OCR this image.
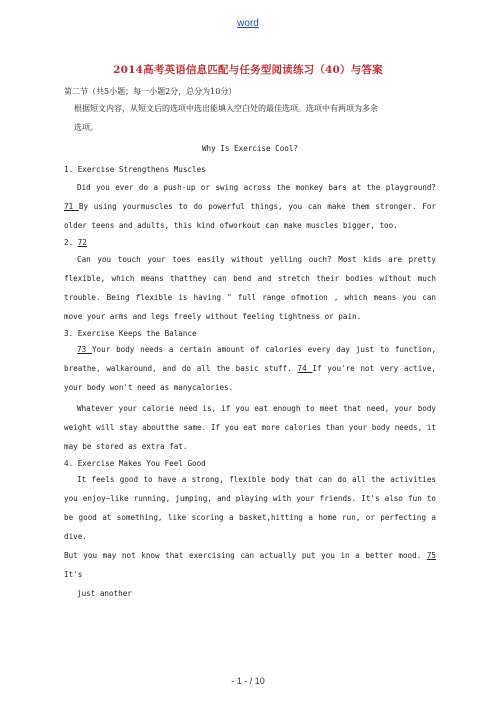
word
2014高考英语信息匹配与任务型阅读练习（40）与答案
第二节（共5小题；每一小题2分，总分为10分）
根据短文内容，从短文后的选项中选出能填入空白处的最佳选项。选项中有两项为多余
选项。
Why Is Exercise Cool?
1. Exercise Strengthens Muscles
Did you ever do a push-up or swing across the monkey bars at the playground? 71 By using yourmuscles to do powerful things, you can make them stronger. For older teens and adults, this kind ofworkout can make muscles bigger, too.
2. 72
Can you touch your toes easily without yelling ouch? Most kids are pretty flexible, which means thatthey can bend and stretch their bodies without much trouble. Being flexible is having " full range ofmotion , which means you can move your arms and legs freely without feeling tightness or pain.
3. Exercise Keeps the Balance
73 Your body needs a certain amount of calories every day just to function, breathe, walkaround, and do all the basic stuff. 74 If you're not very active, your body won't need as manycalories.
Whatever your calorie need is, if you eat enough to meet that need, your body weight will stay aboutthe same. If you eat more calories than your body needs, it may be stored as extra fat.
4. Exercise Makes You Feel Good
It feels good to have a strong, flexible body that can do all the activities you enjoy—like running, jumping, and playing with your friends. It's also fun to be good at something, like scoring a basket,hitting a home run, or perfecting a dive.
But you may not know that exercising can actually put you in a better mood. 75 It's
just another
- 1 - / 10
